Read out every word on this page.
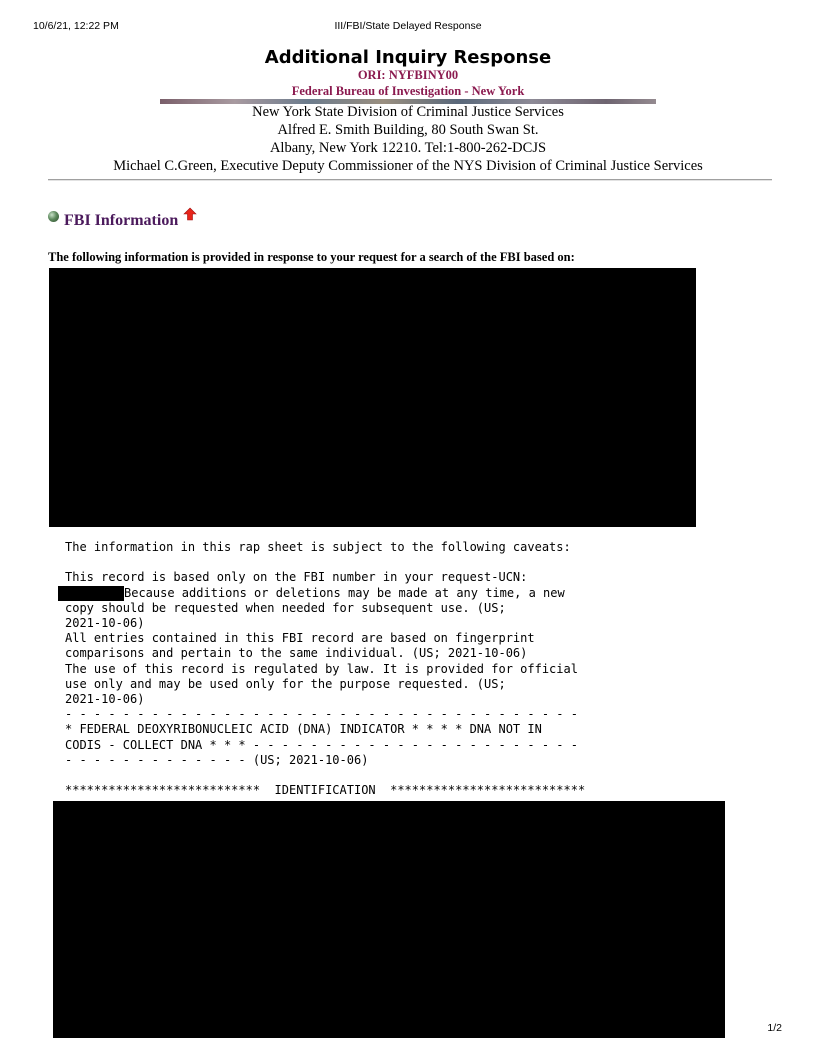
10/6/21, 12:22 PM	III/FBI/State Delayed Response
Additional Inquiry Response
ORI: NYFBINY00
Federal Bureau of Investigation - New York
New York State Division of Criminal Justice Services
Alfred E. Smith Building, 80 South Swan St.
Albany, New York 12210. Tel:1-800-262-DCJS
Michael C.Green, Executive Deputy Commissioner of the NYS Division of Criminal Justice Services
FBI Information
The following information is provided in response to your request for a search of the FBI based on:
The information in this rap sheet is subject to the following caveats:

This record is based only on the FBI number in your request-UCN:
Because additions or deletions may be made at any time, a new
copy should be requested when needed for subsequent use. (US;
2021-10-06)
All entries contained in this FBI record are based on fingerprint
comparisons and pertain to the same individual. (US; 2021-10-06)
The use of this record is regulated by law. It is provided for official
use only and may be used only for the purpose requested. (US;
2021-10-06)
- - - - - - - - - - - - - - - - - - - - - - - - - - - - - - - - - - - -
* FEDERAL DEOXYRIBONUCLEIC ACID (DNA) INDICATOR * * * * DNA NOT IN
CODIS - COLLECT DNA * * * - - - - - - - - - - - - - - - - - - - - - - -
- - - - - - - - - - - - - (US; 2021-10-06)

***************************  IDENTIFICATION  ***************************
1/2
